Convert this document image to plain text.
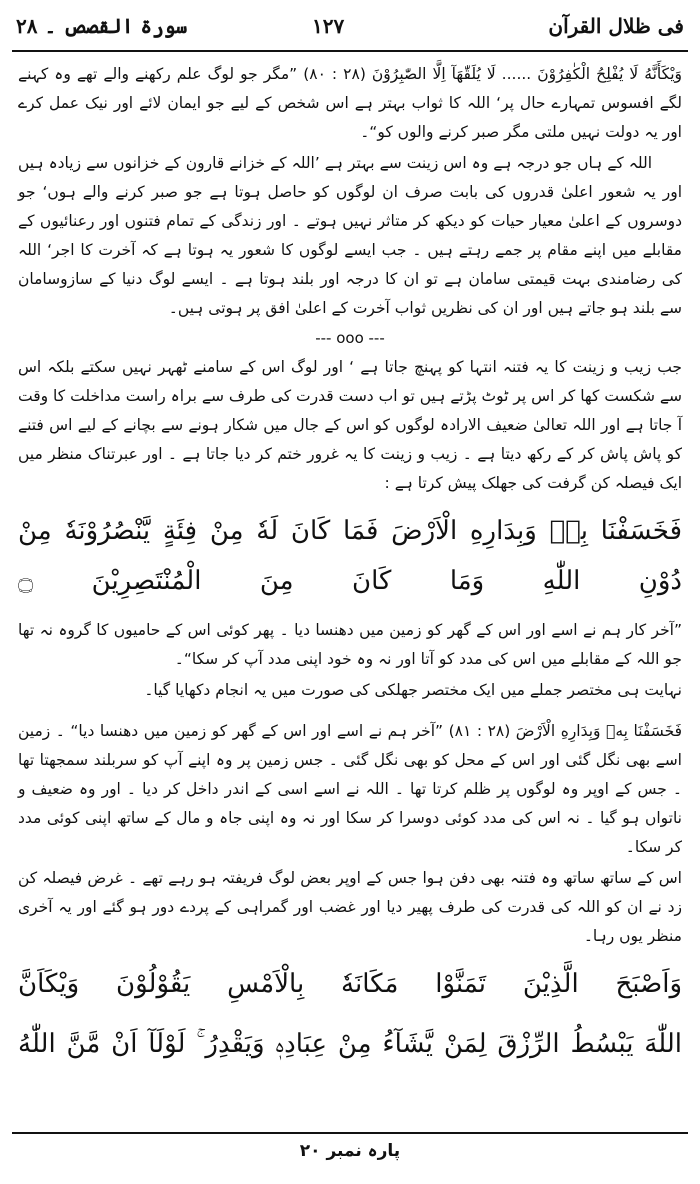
فی ظلال القرآن
۱۲۷
سورۃ القصص ۔ ۲۸

وَيْكَأَنَّهُ لَا يُفْلِحُ الْكٰفِرُوْنَ ...... لَا يُلَقّٰهَآ اِلَّا الصّٰبِرُوْنَ (۲۸ : ۸۰) ”مگر جو لوگ علم رکھنے والے تھے وہ کہنے لگے افسوس تمہارے حال پر‘ اللہ کا ثواب بہتر ہے اس شخص کے لیے جو ایمان لائے اور نیک عمل کرے اور یہ دولت نہیں ملتی مگر صبر کرنے والوں کو“۔

اللہ کے ہاں جو درجہ ہے وہ اس زینت سے بہتر ہے ’اللہ کے خزانے قارون کے خزانوں سے زیادہ ہیں اور یہ شعور اعلیٰ قدروں کی بابت صرف ان لوگوں کو حاصل ہوتا ہے جو صبر کرنے والے ہوں‘ جو دوسروں کے اعلیٰ معیار حیات کو دیکھ کر متاثر نہیں ہوتے ۔ اور زندگی کے تمام فتنوں اور رعنائیوں کے مقابلے میں اپنے مقام پر جمے رہتے ہیں ۔ جب ایسے لوگوں کا شعور یہ ہوتا ہے کہ آخرت کا اجر‘ اللہ کی رضامندی بہت قیمتی سامان ہے تو ان کا درجہ اور بلند ہوتا ہے ۔ ایسے لوگ دنیا کے سازوسامان سے بلند ہو جاتے ہیں اور ان کی نظریں ثواب آخرت کے اعلیٰ افق پر ہوتی ہیں۔

--- ooo ---

جب زیب و زینت کا یہ فتنہ انتہا کو پہنچ جاتا ہے ‘ اور لوگ اس کے سامنے ٹھہر نہیں سکتے بلکہ اس سے شکست کھا کر اس پر ٹوٹ پڑتے ہیں تو اب دست قدرت کی طرف سے براہ راست مداخلت کا وقت آ جاتا ہے اور اللہ تعالیٰ ضعیف الارادہ لوگوں کو اس کے جال میں شکار ہونے سے بچانے کے لیے اس فتنے کو پاش پاش کر کے رکھ دیتا ہے ۔ زیب و زینت کا یہ غرور ختم کر دیا جاتا ہے ۔ اور عبرتناک منظر میں ایک فیصلہ کن گرفت کی جھلک پیش کرتا ہے :

فَخَسَفْنَا بِهٖ وَبِدَارِهِ الْاَرْضَ فَمَا كَانَ لَهٗ مِنْ فِئَةٍ يَّنْصُرُوْنَهٗ مِنْ دُوْنِ اللّٰهِ وَمَا كَانَ مِنَ الْمُنْتَصِرِيْنَ ۝

”آخر کار ہم نے اسے اور اس کے گھر کو زمین میں دھنسا دیا ۔ پھر کوئی اس کے حامیوں کا گروہ نہ تھا جو اللہ کے مقابلے میں اس کی مدد کو آتا اور نہ وہ خود اپنی مدد آپ کر سکا“۔

نہایت ہی مختصر جملے میں ایک مختصر جھلکی کی صورت میں یہ انجام دکھایا گیا۔

فَخَسَفْنَا بِهٖ وَبِدَارِهِ الْاَرْضَ (۲۸ : ۸۱) ”آخر ہم نے اسے اور اس کے گھر کو زمین میں دھنسا دیا“ ۔ زمین اسے بھی نگل گئی اور اس کے محل کو بھی نگل گئی ۔ جس زمین پر وہ اپنے آپ کو سربلند سمجھتا تھا ۔ جس کے اوپر وہ لوگوں پر ظلم کرتا تھا ۔ اللہ نے اسے اسی کے اندر داخل کر دیا ۔ اور وہ ضعیف و ناتواں ہو گیا ۔ نہ اس کی مدد کوئی دوسرا کر سکا اور نہ وہ اپنی جاہ و مال کے ساتھ اپنی کوئی مدد کر سکا۔

اس کے ساتھ ساتھ وہ فتنہ بھی دفن ہوا جس کے اوپر بعض لوگ فریفتہ ہو رہے تھے ۔ غرض فیصلہ کن زد نے ان کو اللہ کی قدرت کی طرف پھیر دیا اور غضب اور گمراہی کے پردے دور ہو گئے اور یہ آخری منظر یوں رہا۔

وَاَصْبَحَ الَّذِيْنَ تَمَنَّوْا مَكَانَهٗ بِالْاَمْسِ يَقُوْلُوْنَ وَيْكَاَنَّ
اللّٰهَ يَبْسُطُ الرِّزْقَ لِمَنْ يَّشَآءُ مِنْ عِبَادِهٖ وَيَقْدِرُ ۚ لَوْلَآ اَنْ مَّنَّ اللّٰهُ
پارہ نمبر ۲۰
